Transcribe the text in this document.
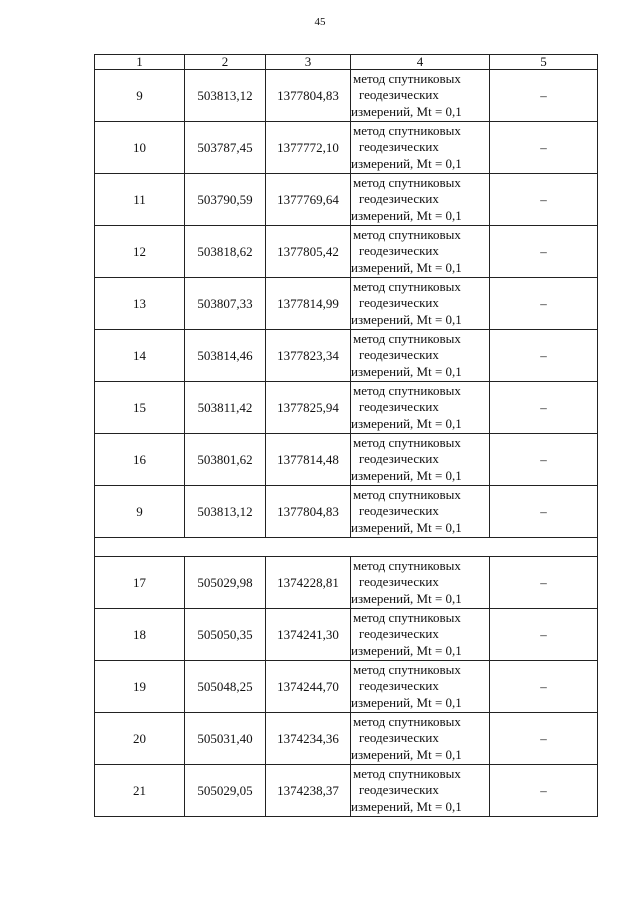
45
1	2	3	4	5
9	503813,12	1377804,83	метод спутниковых
геодезических
измерений, Mt = 0,1	–
10	503787,45	1377772,10	метод спутниковых
геодезических
измерений, Mt = 0,1	–
11	503790,59	1377769,64	метод спутниковых
геодезических
измерений, Mt = 0,1	–
12	503818,62	1377805,42	метод спутниковых
геодезических
измерений, Mt = 0,1	–
13	503807,33	1377814,99	метод спутниковых
геодезических
измерений, Mt = 0,1	–
14	503814,46	1377823,34	метод спутниковых
геодезических
измерений, Mt = 0,1	–
15	503811,42	1377825,94	метод спутниковых
геодезических
измерений, Mt = 0,1	–
16	503801,62	1377814,48	метод спутниковых
геодезических
измерений, Mt = 0,1	–
9	503813,12	1377804,83	метод спутниковых
геодезических
измерений, Mt = 0,1	–

17	505029,98	1374228,81	метод спутниковых
геодезических
измерений, Mt = 0,1	–
18	505050,35	1374241,30	метод спутниковых
геодезических
измерений, Mt = 0,1	–
19	505048,25	1374244,70	метод спутниковых
геодезических
измерений, Mt = 0,1	–
20	505031,40	1374234,36	метод спутниковых
геодезических
измерений, Mt = 0,1	–
21	505029,05	1374238,37	метод спутниковых
геодезических
измерений, Mt = 0,1	–
